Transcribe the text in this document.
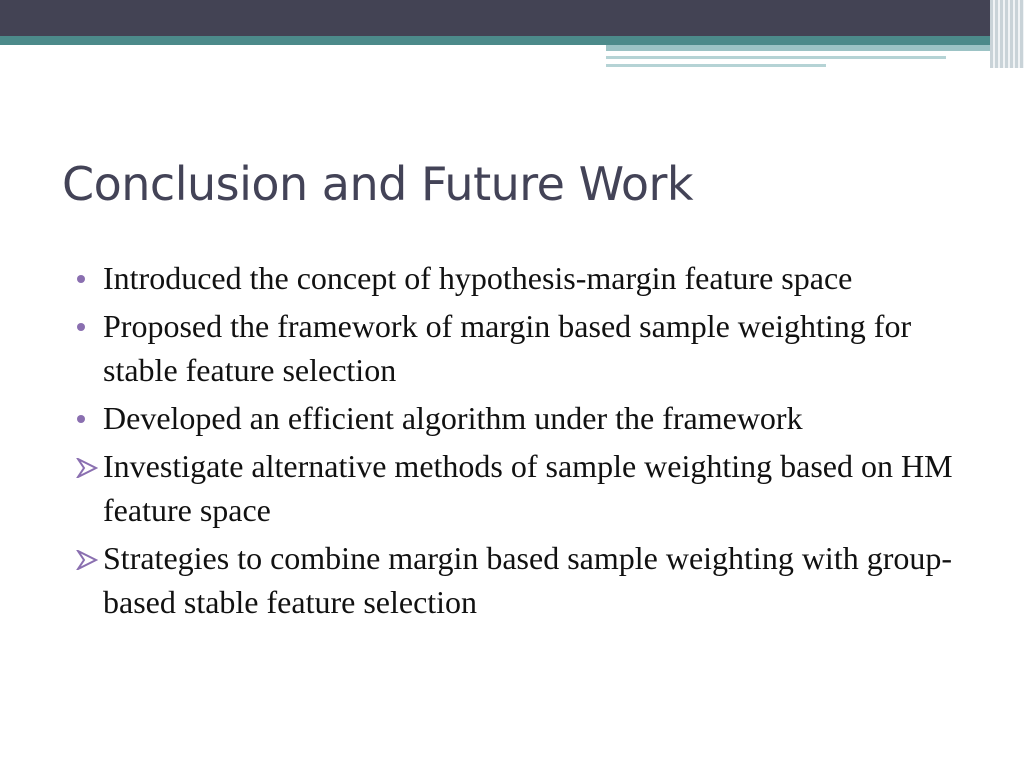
Conclusion and Future Work
Introduced the concept of hypothesis-margin feature space
Proposed the framework of margin based sample weighting for stable feature selection
Developed an efficient algorithm under the framework
Investigate alternative methods of sample weighting based on HM feature space
Strategies to combine margin based sample weighting with group-based stable feature selection
